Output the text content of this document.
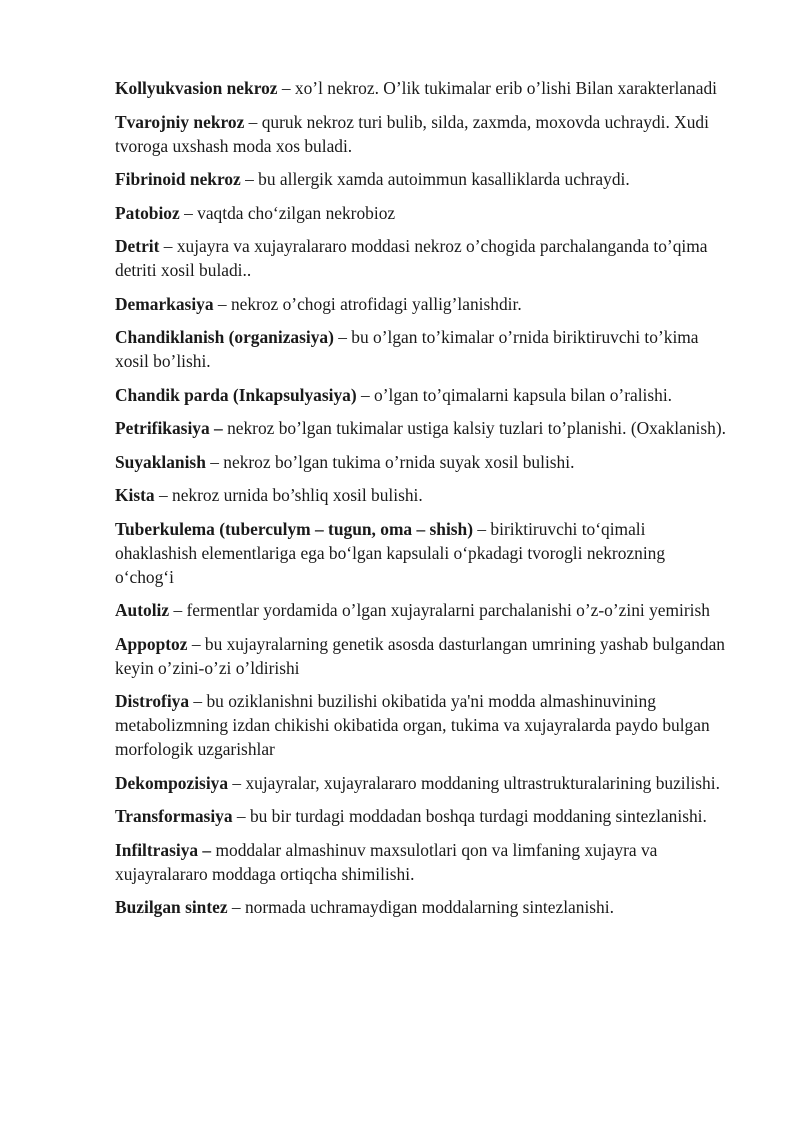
Kollyukvasion nekroz – xo’l nekroz. O’lik tukimalar erib o’lishi Bilan xarakterlanadi

Tvarojniy nekroz – quruk nekroz turi bulib, silda, zaxmda, moxovda uchraydi. Xudi tvoroga uxshash moda xos buladi.

Fibrinoid nekroz – bu allergik xamda autoimmun kasalliklarda uchraydi.

Patobioz – vaqtda cho‘zilgan nekrobioz

Detrit – xujayra va xujayralararo moddasi nekroz o’chogida parchalanganda to’qima detriti xosil buladi..

Demarkasiya – nekroz o’chogi atrofidagi yallig’lanishdir.

Chandiklanish (organizasiya) – bu o’lgan to’kimalar o’rnida biriktiruvchi to’kima xosil bo’lishi.

Chandik parda (Inkapsulyasiya) – o’lgan to’qimalarni kapsula bilan o’ralishi.

Petrifikasiya – nekroz bo’lgan tukimalar ustiga kalsiy tuzlari to’planishi. (Oxaklanish).

Suyaklanish – nekroz bo’lgan tukima o’rnida suyak xosil bulishi.

Kista – nekroz urnida bo’shliq xosil bulishi.

Tuberkulema (tuberculym – tugun, oma – shish) – biriktiruvchi to‘qimali ohaklashish elementlariga ega bo‘lgan kapsulali o‘pkadagi tvorogli nekrozning o‘chog‘i

Autoliz – fermentlar yordamida o’lgan xujayralarni parchalanishi o’z-o’zini yemirish

Appoptoz – bu xujayralarning genetik asosda dasturlangan umrining yashab bulgandan keyin o’zini-o’zi o’ldirishi

Distrofiya – bu oziklanishni buzilishi okibatida ya'ni modda almashinuvining metabolizmning izdan chikishi okibatida organ, tukima va xujayralarda paydo bulgan morfologik uzgarishlar

Dekompozisiya – xujayralar, xujayralararo moddaning ultrastrukturalarining buzilishi.

Transformasiya – bu bir turdagi moddadan boshqa turdagi moddaning sintezlanishi.

Infiltrasiya – moddalar almashinuv maxsulotlari qon va limfaning xujayra va xujayralararo moddaga ortiqcha shimilishi.

Buzilgan sintez – normada uchramaydigan moddalarning sintezlanishi.
